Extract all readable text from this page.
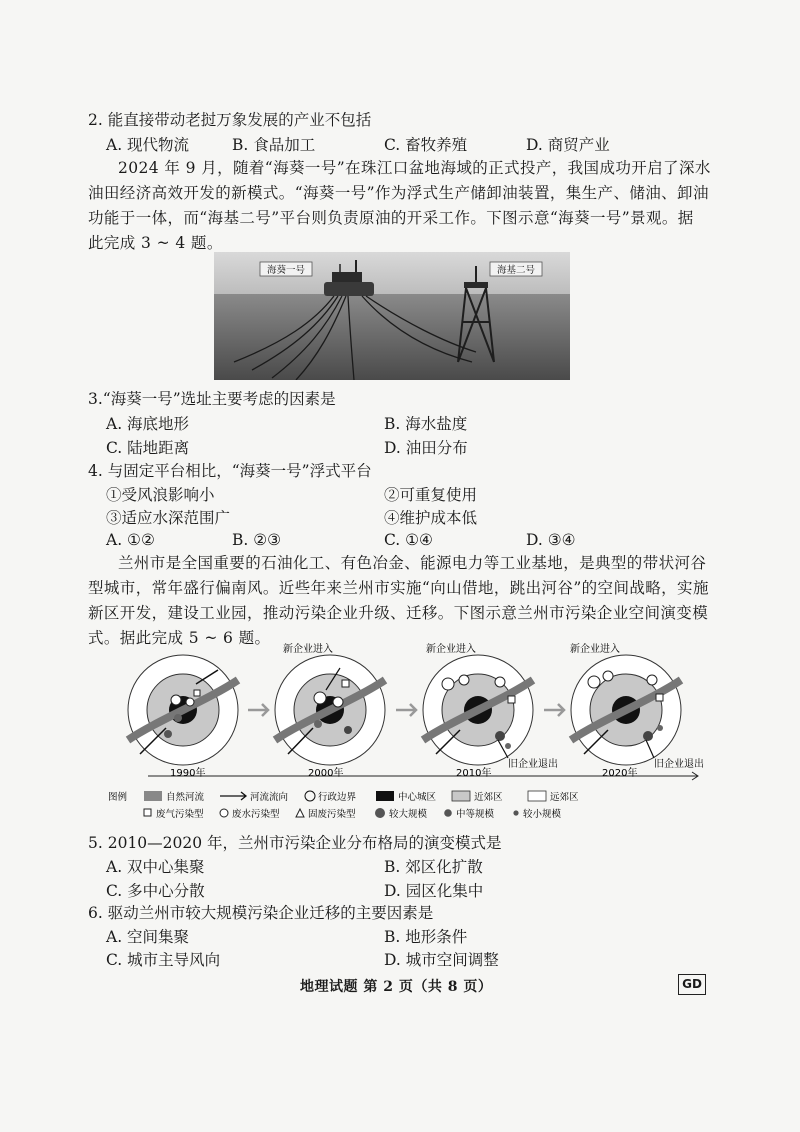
2. 能直接带动老挝万象发展的产业不包括
A. 现代物流	B. 食品加工	C. 畜牧养殖	D. 商贸产业
2024 年 9 月，随着“海葵一号”在珠江口盆地海域的正式投产，我国成功开启了深水
油田经济高效开发的新模式。“海葵一号”作为浮式生产储卸油装置，集生产、储油、卸油
功能于一体，而“海基二号”平台则负责原油的开采工作。下图示意“海葵一号”景观。据
此完成 3 ~ 4 题。
海葵一号	海基二号
3.“海葵一号”选址主要考虑的因素是
A. 海底地形	B. 海水盐度
C. 陆地距离	D. 油田分布
4. 与固定平台相比，“海葵一号”浮式平台
①受风浪影响小	②可重复使用
③适应水深范围广	④维护成本低
A. ①②	B. ②③	C. ①④	D. ③④
兰州市是全国重要的石油化工、有色冶金、能源电力等工业基地，是典型的带状河谷
型城市，常年盛行偏南风。近些年来兰州市实施“向山借地，跳出河谷”的空间战略，实施
新区开发，建设工业园，推动污染企业升级、迁移。下图示意兰州市污染企业空间演变模
式。据此完成 5 ~ 6 题。
新企业进入	新企业进入	新企业进入
旧企业退出	旧企业退出
1990年	2000年	2010年	2020年
图例	自然河流	河流流向	行政边界	中心城区	近郊区	远郊区
废气污染型	废水污染型	固废污染型	较大规模	中等规模	较小规模
5. 2010—2020 年，兰州市污染企业分布格局的演变模式是
A. 双中心集聚	B. 郊区化扩散
C. 多中心分散	D. 园区化集中
6. 驱动兰州市较大规模污染企业迁移的主要因素是
A. 空间集聚	B. 地形条件
C. 城市主导风向	D. 城市空间调整
地理试题 第 2 页（共 8 页）	GD
